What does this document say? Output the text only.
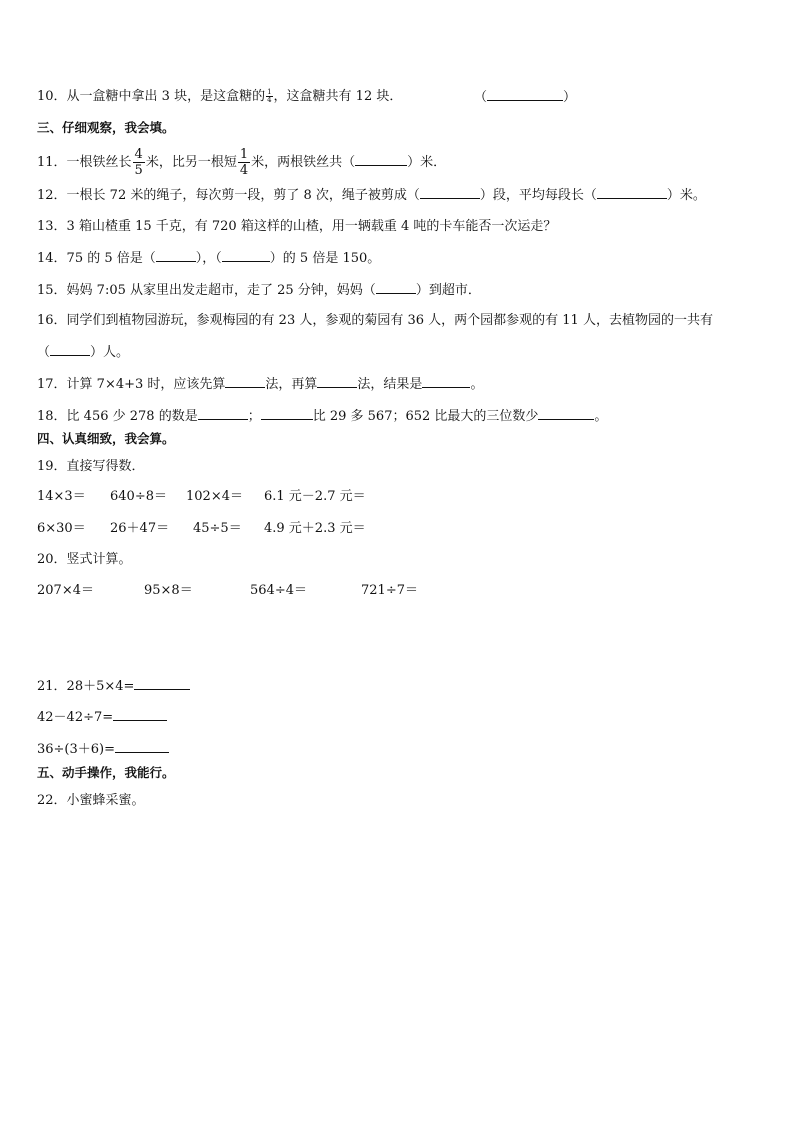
10．从一盒糖中拿出 3 块，是这盒糖的 $\frac{1}{4}$ ，这盒糖共有 12 块．	（	）
三、仔细观察，我会填。
11．一根铁丝长 $\frac{4}{5}$ 米，比另一根短 $\frac{1}{4}$ 米，两根铁丝共（	）米．
12．一根长 72 米的绳子，每次剪一段，剪了 8 次，绳子被剪成（	）段，平均每段长（	）米。
13．3 箱山楂重 15 千克，有 720 箱这样的山楂，用一辆载重 4 吨的卡车能否一次运走？
14．75 的 5 倍是（	），（	）的 5 倍是 150。
15．妈妈 7:05 从家里出发走超市，走了 25 分钟，妈妈（	）到超市．
16．同学们到植物园游玩，参观梅园的有 23 人，参观的菊园有 36 人，两个园都参观的有 11 人，去植物园的一共有
（	）人。
17．计算 7×4+3 时，应该先算	法，再算	法，结果是	。
18．比 456 少 278 的数是	；	比 29 多 567；652 比最大的三位数少	。
四、认真细致，我会算。
19．直接写得数．
14×3＝ 640÷8＝ 102×4＝ 6.1 元－2.7 元＝
6×30＝ 26＋47＝ 45÷5＝ 4.9 元＋2.3 元＝
20．竖式计算。
207×4＝	95×8＝	564÷4＝	721÷7＝
21．28＋5×4=
42－42÷7=
36÷(3＋6)=
五、动手操作，我能行。
22．小蜜蜂采蜜。
